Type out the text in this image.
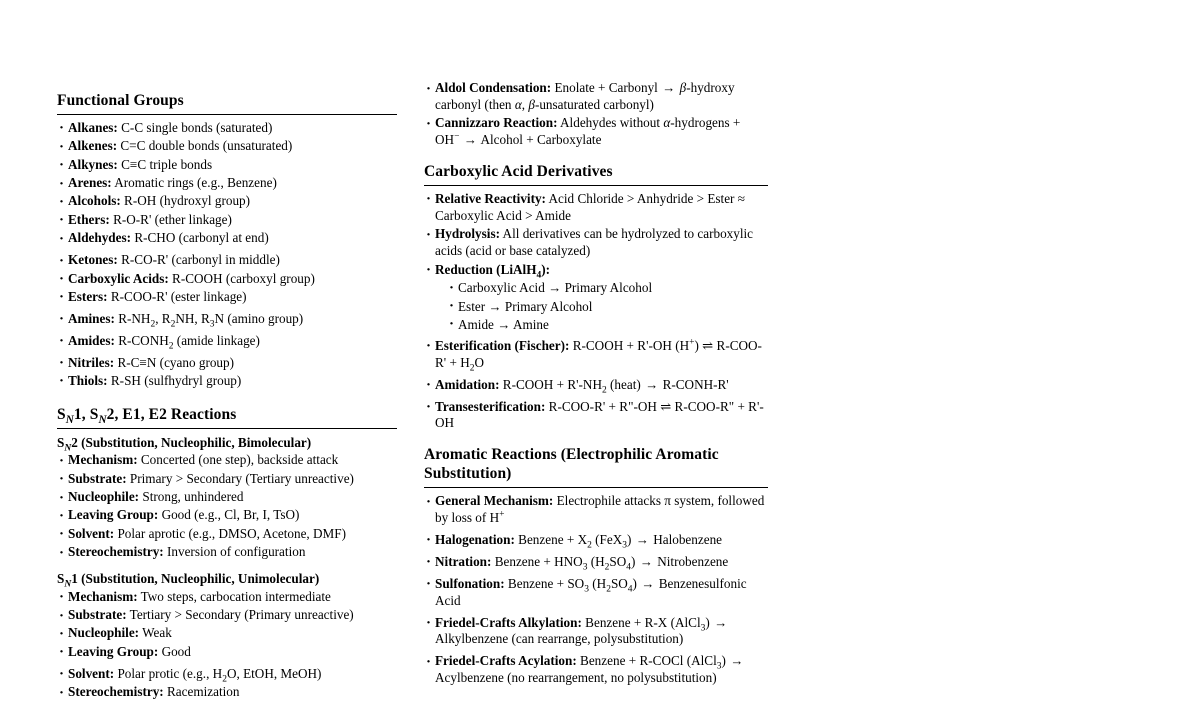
Functional Groups
· Alkanes: C-C single bonds (saturated)
· Alkenes: C=C double bonds (unsaturated)
· Alkynes: C≡C triple bonds
· Arenes: Aromatic rings (e.g., Benzene)
· Alcohols: R-OH (hydroxyl group)
· Ethers: R-O-R' (ether linkage)
· Aldehydes: R-CHO (carbonyl at end)
· Ketones: R-CO-R' (carbonyl in middle)
· Carboxylic Acids: R-COOH (carboxyl group)
· Esters: R-COO-R' (ester linkage)
· Amines: $R-NH_2$, $R_2NH$, $R_3N$ (amino group)
· Amides: $R-CONH_2$ (amide linkage)
· Nitriles: R-C≡N (cyano group)
· Thiols: R-SH (sulfhydryl group)
$S_N1$, $S_N2$, E1, E2 Reactions
$S_N2$ (Substitution, Nucleophilic, Bimolecular)
· Mechanism: Concerted (one step), backside attack
· Substrate: Primary > Secondary (Tertiary unreactive)
· Nucleophile: Strong, unhindered
· Leaving Group: Good (e.g., Cl, Br, I, TsO)
· Solvent: Polar aprotic (e.g., DMSO, Acetone, DMF)
· Stereochemistry: Inversion of configuration
$S_N1$ (Substitution, Nucleophilic, Unimolecular)
· Mechanism: Two steps, carbocation intermediate
· Substrate: Tertiary > Secondary (Primary unreactive)
· Nucleophile: Weak
· Leaving Group: Good
· Solvent: Polar protic (e.g., $H_2O$, EtOH, MeOH)
· Stereochemistry: Racemization
· Aldol Condensation: Enolate + Carbonyl → β-hydroxy carbonyl (then α, β-unsaturated carbonyl)
· Cannizzaro Reaction: Aldehydes without α-hydrogens + OH− → Alcohol + Carboxylate
Carboxylic Acid Derivatives
· Relative Reactivity: Acid Chloride > Anhydride > Ester ≈ Carboxylic Acid > Amide
· Hydrolysis: All derivatives can be hydrolyzed to carboxylic acids (acid or base catalyzed)
· Reduction (LiAlH$_4$):
· Carboxylic Acid → Primary Alcohol
· Ester → Primary Alcohol
· Amide → Amine
· Esterification (Fischer): R-COOH + R'-OH (H+) ⇌ $R-COO-R' + H_2O$
· Amidation: R-COOH + $R'-NH_2$ (heat) → R-CONH-R'
· Transesterification: R-COO-R' + R"-OH ⇌ R-COO-R" + R'-OH
Aromatic Reactions (Electrophilic Aromatic Substitution)
· General Mechanism: Electrophile attacks π system, followed by loss of H+
· Halogenation: Benzene + $X_2$ (FeX$_3$) → Halobenzene
· Nitration: Benzene + $HNO_3$ $(H_2SO_4)$ → Nitrobenzene
· Sulfonation: Benzene + $SO_3$ $(H_2SO_4)$ → Benzenesulfonic Acid
· Friedel-Crafts Alkylation: Benzene + R-X (AlCl$_3$) → Alkylbenzene (can rearrange, polysubstitution)
· Friedel-Crafts Acylation: Benzene + R-COCl (AlCl$_3$) → Acylbenzene (no rearrangement, no polysubstitution)
